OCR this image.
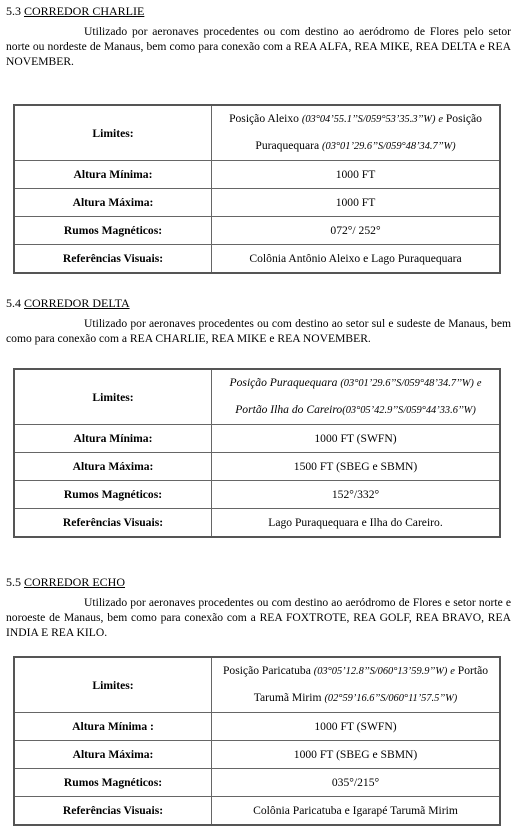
5.3 CORREDOR CHARLIE

Utilizado por aeronaves procedentes ou com destino ao aeródromo de Flores pelo setor norte ou nordeste de Manaus, bem como para conexão com a REA ALFA, REA MIKE, REA DELTA e REA NOVEMBER.

Limites:	Posição Aleixo (03°04’55.1’’S/059°53’35.3’’W) e Posição Puraquequara (03°01’29.6’’S/059°48’34.7’’W)

Altura Mínima:	1000 FT
Altura Máxima:	1000 FT
Rumos Magnéticos:	072°/ 252°
Referências Visuais:	Colônia Antônio Aleixo e Lago Puraquequara
5.4 CORREDOR DELTA

Utilizado por aeronaves procedentes ou com destino ao setor sul e sudeste de Manaus, bem como para conexão com a REA CHARLIE, REA MIKE e REA NOVEMBER.

Limites:	Posição Puraquequara (03°01’29.6’’S/059°48’34.7’’W) e Portão Ilha do Careiro(03°05’42.9’’S/059°44’33.6’’W)

Altura Mínima:	1000 FT (SWFN)
Altura Máxima:	1500 FT (SBEG e SBMN)
Rumos Magnéticos:	152°/332°
Referências Visuais:	Lago Puraquequara e Ilha do Careiro.
5.5 CORREDOR ECHO

Utilizado por aeronaves procedentes ou com destino ao aeródromo de Flores e setor norte e noroeste de Manaus, bem como para conexão com a REA FOXTROTE, REA GOLF, REA BRAVO, REA INDIA E REA KILO.

Limites:	Posição Paricatuba (03°05’12.8’’S/060°13’59.9’’W) e Portão Tarumã Mirim (02°59’16.6’’S/060°11’57.5’’W)

Altura Mínima :	1000 FT (SWFN)
Altura Máxima:	1000 FT (SBEG e SBMN)
Rumos Magnéticos:	035°/215°
Referências Visuais:	Colônia Paricatuba e Igarapé Tarumã Mirim
